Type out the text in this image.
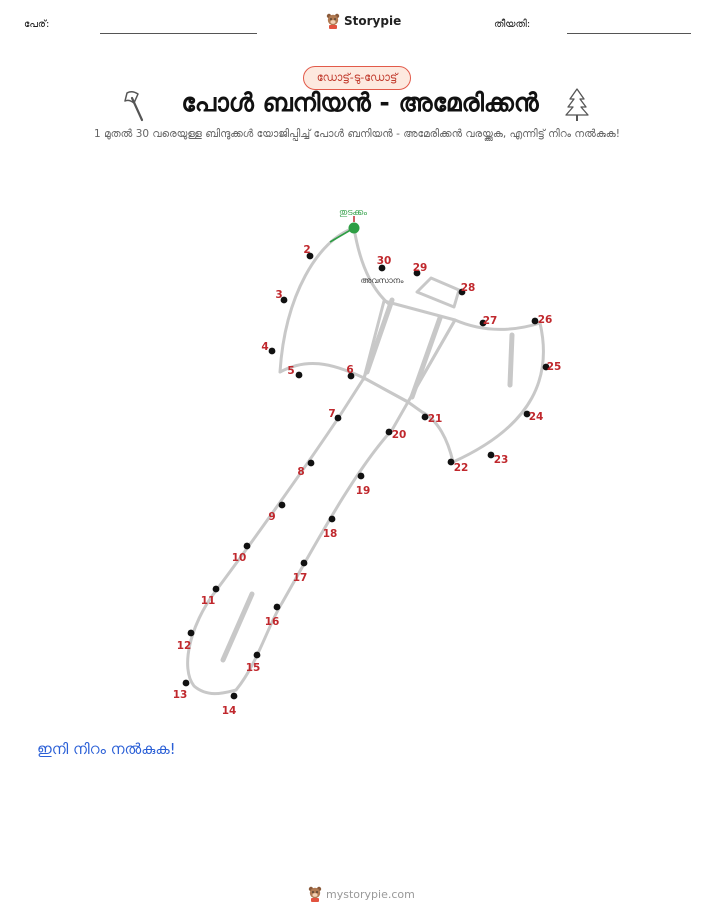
പേര്:	Storypie	തീയതി:
ഡോട്ട്-ടു-ഡോട്ട്
പോൾ ബനിയൻ - അമേരിക്കൻ
1 മുതൽ 30 വരെയുള്ള ബിന്ദുക്കൾ യോജിപ്പിച്ച് പോൾ ബനിയൻ - അമേരിക്കൻ വരയ്ക്കുക, എന്നിട്ട് നിറം നൽകുക!
തുടക്കം
അവസാനം
2
3
4
5	6
7
8
9
10
11
12
13
14
15
16
17
18
19
20
21
22
23
24
25
26
27
28
29
30
ഇനി നിറം നൽകുക!
mystorypie.com
